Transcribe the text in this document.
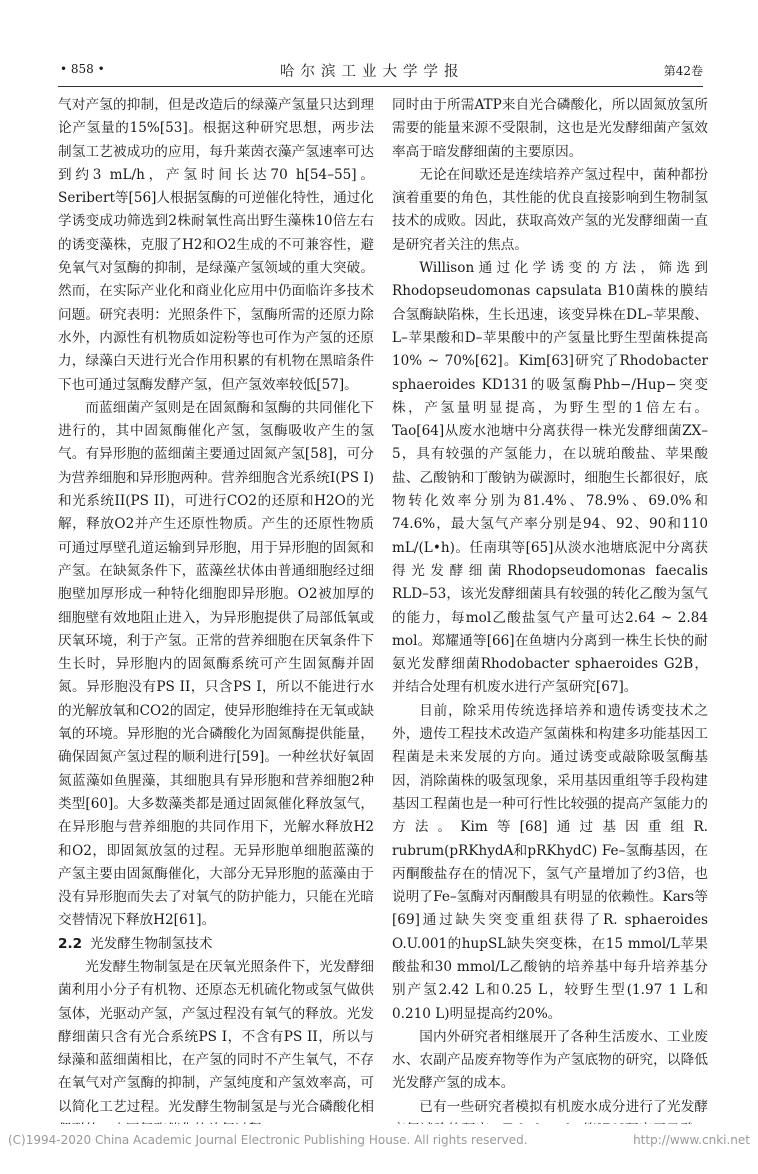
• 858 •	哈尔滨工业大学学报	第42卷

气对产氢的抑制，但是改造后的绿藻产氢量只达到理论产氢量的15%[53]。根据这种研究思想，两步法制氢工艺被成功的应用，每升莱茵衣藻产氢速率可达到约3 mL/h，产氢时间长达70 h[54–55]。Seribert等[56]人根据氢酶的可逆催化特性，通过化学诱变成功筛选到2株耐氧性高出野生藻株10倍左右的诱变藻株，克服了H2和O2生成的不可兼容性，避免氧气对氢酶的抑制，是绿藻产氢领域的重大突破。然而，在实际产业化和商业化应用中仍面临许多技术问题。研究表明：光照条件下，氢酶所需的还原力除水外，内源性有机物质如淀粉等也可作为产氢的还原力，绿藻白天进行光合作用积累的有机物在黑暗条件下也可通过氢酶发酵产氢，但产氢效率较低[57]。

而蓝细菌产氢则是在固氮酶和氢酶的共同催化下进行的，其中固氮酶催化产氢，氢酶吸收产生的氢气。有异形胞的蓝细菌主要通过固氮产氢[58]，可分为营养细胞和异形胞两种。营养细胞含光系统I(PS I)和光系统II(PS II)，可进行CO2的还原和H2O的光解，释放O2并产生还原性物质。产生的还原性物质可通过厚壁孔道运输到异形胞，用于异形胞的固氮和产氢。在缺氮条件下，蓝藻丝状体由普通细胞经过细胞壁加厚形成一种特化细胞即异形胞。O2被加厚的细胞壁有效地阻止进入，为异形胞提供了局部低氧或厌氧环境，利于产氢。正常的营养细胞在厌氧条件下生长时，异形胞内的固氮酶系统可产生固氮酶并固氮。异形胞没有PS II，只含PS I，所以不能进行水的光解放氧和CO2的固定，使异形胞维持在无氧或缺氧的环境。异形胞的光合磷酸化为固氮酶提供能量，确保固氮产氢过程的顺利进行[59]。一种丝状好氧固氮蓝藻如鱼腥藻，其细胞具有异形胞和营养细胞2种类型[60]。大多数藻类都是通过固氮催化释放氢气，在异形胞与营养细胞的共同作用下，光解水释放H2和O2，即固氮放氢的过程。无异形胞单细胞蓝藻的产氢主要由固氮酶催化，大部分无异形胞的蓝藻由于没有异形胞而失去了对氧气的防护能力，只能在光暗交替情况下释放H2[61]。

2.2 光发酵生物制氢技术

光发酵生物制氢是在厌氧光照条件下，光发酵细菌利用小分子有机物、还原态无机硫化物或氢气做供氢体，光驱动产氢，产氢过程没有氧气的释放。光发酵细菌只含有光合系统PS I，不含有PS II，所以与绿藻和蓝细菌相比，在产氢的同时不产生氧气，不存在氧气对产氢酶的抑制，产氢纯度和产氢效率高，可以简化工艺过程。光发酵生物制氢是与光合磷酸化相

同时由于所需ATP来自光合磷酸化，所以固氮放氢所需要的能量来源不受限制，这也是光发酵细菌产氢效率高于暗发酵细菌的主要原因。

无论在间歇还是连续培养产氢过程中，菌种都扮演着重要的角色，其性能的优良直接影响到生物制氢技术的成败。因此，获取高效产氢的光发酵细菌一直是研究者关注的焦点。

Willison通过化学诱变的方法，筛选到Rhodopseudomonas capsulata B10菌株的膜结合氢酶缺陷株，生长迅速，该变异株在DL–苹果酸、L–苹果酸和D–苹果酸中的产氢量比野生型菌株提高10% ~ 70%[62]。Kim[63]研究了Rhodobacter sphaeroides KD131的吸氢酶Phb−/Hup−突变株，产氢量明显提高，为野生型的1倍左右。Tao[64]从废水池塘中分离获得一株光发酵细菌ZX–5，具有较强的产氢能力，在以琥珀酸盐、苹果酸盐、乙酸钠和丁酸钠为碳源时，细胞生长都很好，底物转化效率分别为81.4%、78.9%、69.0%和74.6%，最大氢气产率分别是94、92、90和110 mL/(L•h)。任南琪等[65]从淡水池塘底泥中分离获得光发酵细菌Rhodopseudomonas faecalis RLD–53，该光发酵细菌具有较强的转化乙酸为氢气的能力，每mol乙酸盐氢气产量可达2.64 ~ 2.84 mol。郑耀通等[66]在鱼塘内分离到一株生长快的耐氨光发酵细菌Rhodobacter sphaeroides G2B，并结合处理有机废水进行产氢研究[67]。

目前，除采用传统选择培养和遗传诱变技术之外，遗传工程技术改造产氢菌株和构建多功能基因工程菌是未来发展的方向。通过诱变或敲除吸氢酶基因，消除菌株的吸氢现象，采用基因重组等手段构建基因工程菌也是一种可行性比较强的提高产氢能力的方法。Kim等[68]通过基因重组R. rubrum(pRKhydA和pRKhydC) Fe–氢酶基因，在丙酮酸盐存在的情况下，氢气产量增加了约3倍，也说明了Fe–氢酶对丙酮酸具有明显的依赖性。Kars等[69]通过缺失突变重组获得了R. sphaeroides O.U.001的hupSL缺失突变株，在15 mmol/L苹果酸盐和30 mmol/L乙酸钠的培养基中每升培养基分别产氢2.42 L和0.25 L，较野生型(1.97 1 L和0.210 L)明显提高约20%。

国内外研究者相继展开了各种生活废水、工业废水、农副产品废弃物等作为产氢底物的研究，以降低光发酵产氢的成本。

已有一些研究者模拟有机废水成分进行了光发酵

(C)1994-2020 China Academic Journal Electronic Publishing House. All rights reserved.	http://www.cnki.net
